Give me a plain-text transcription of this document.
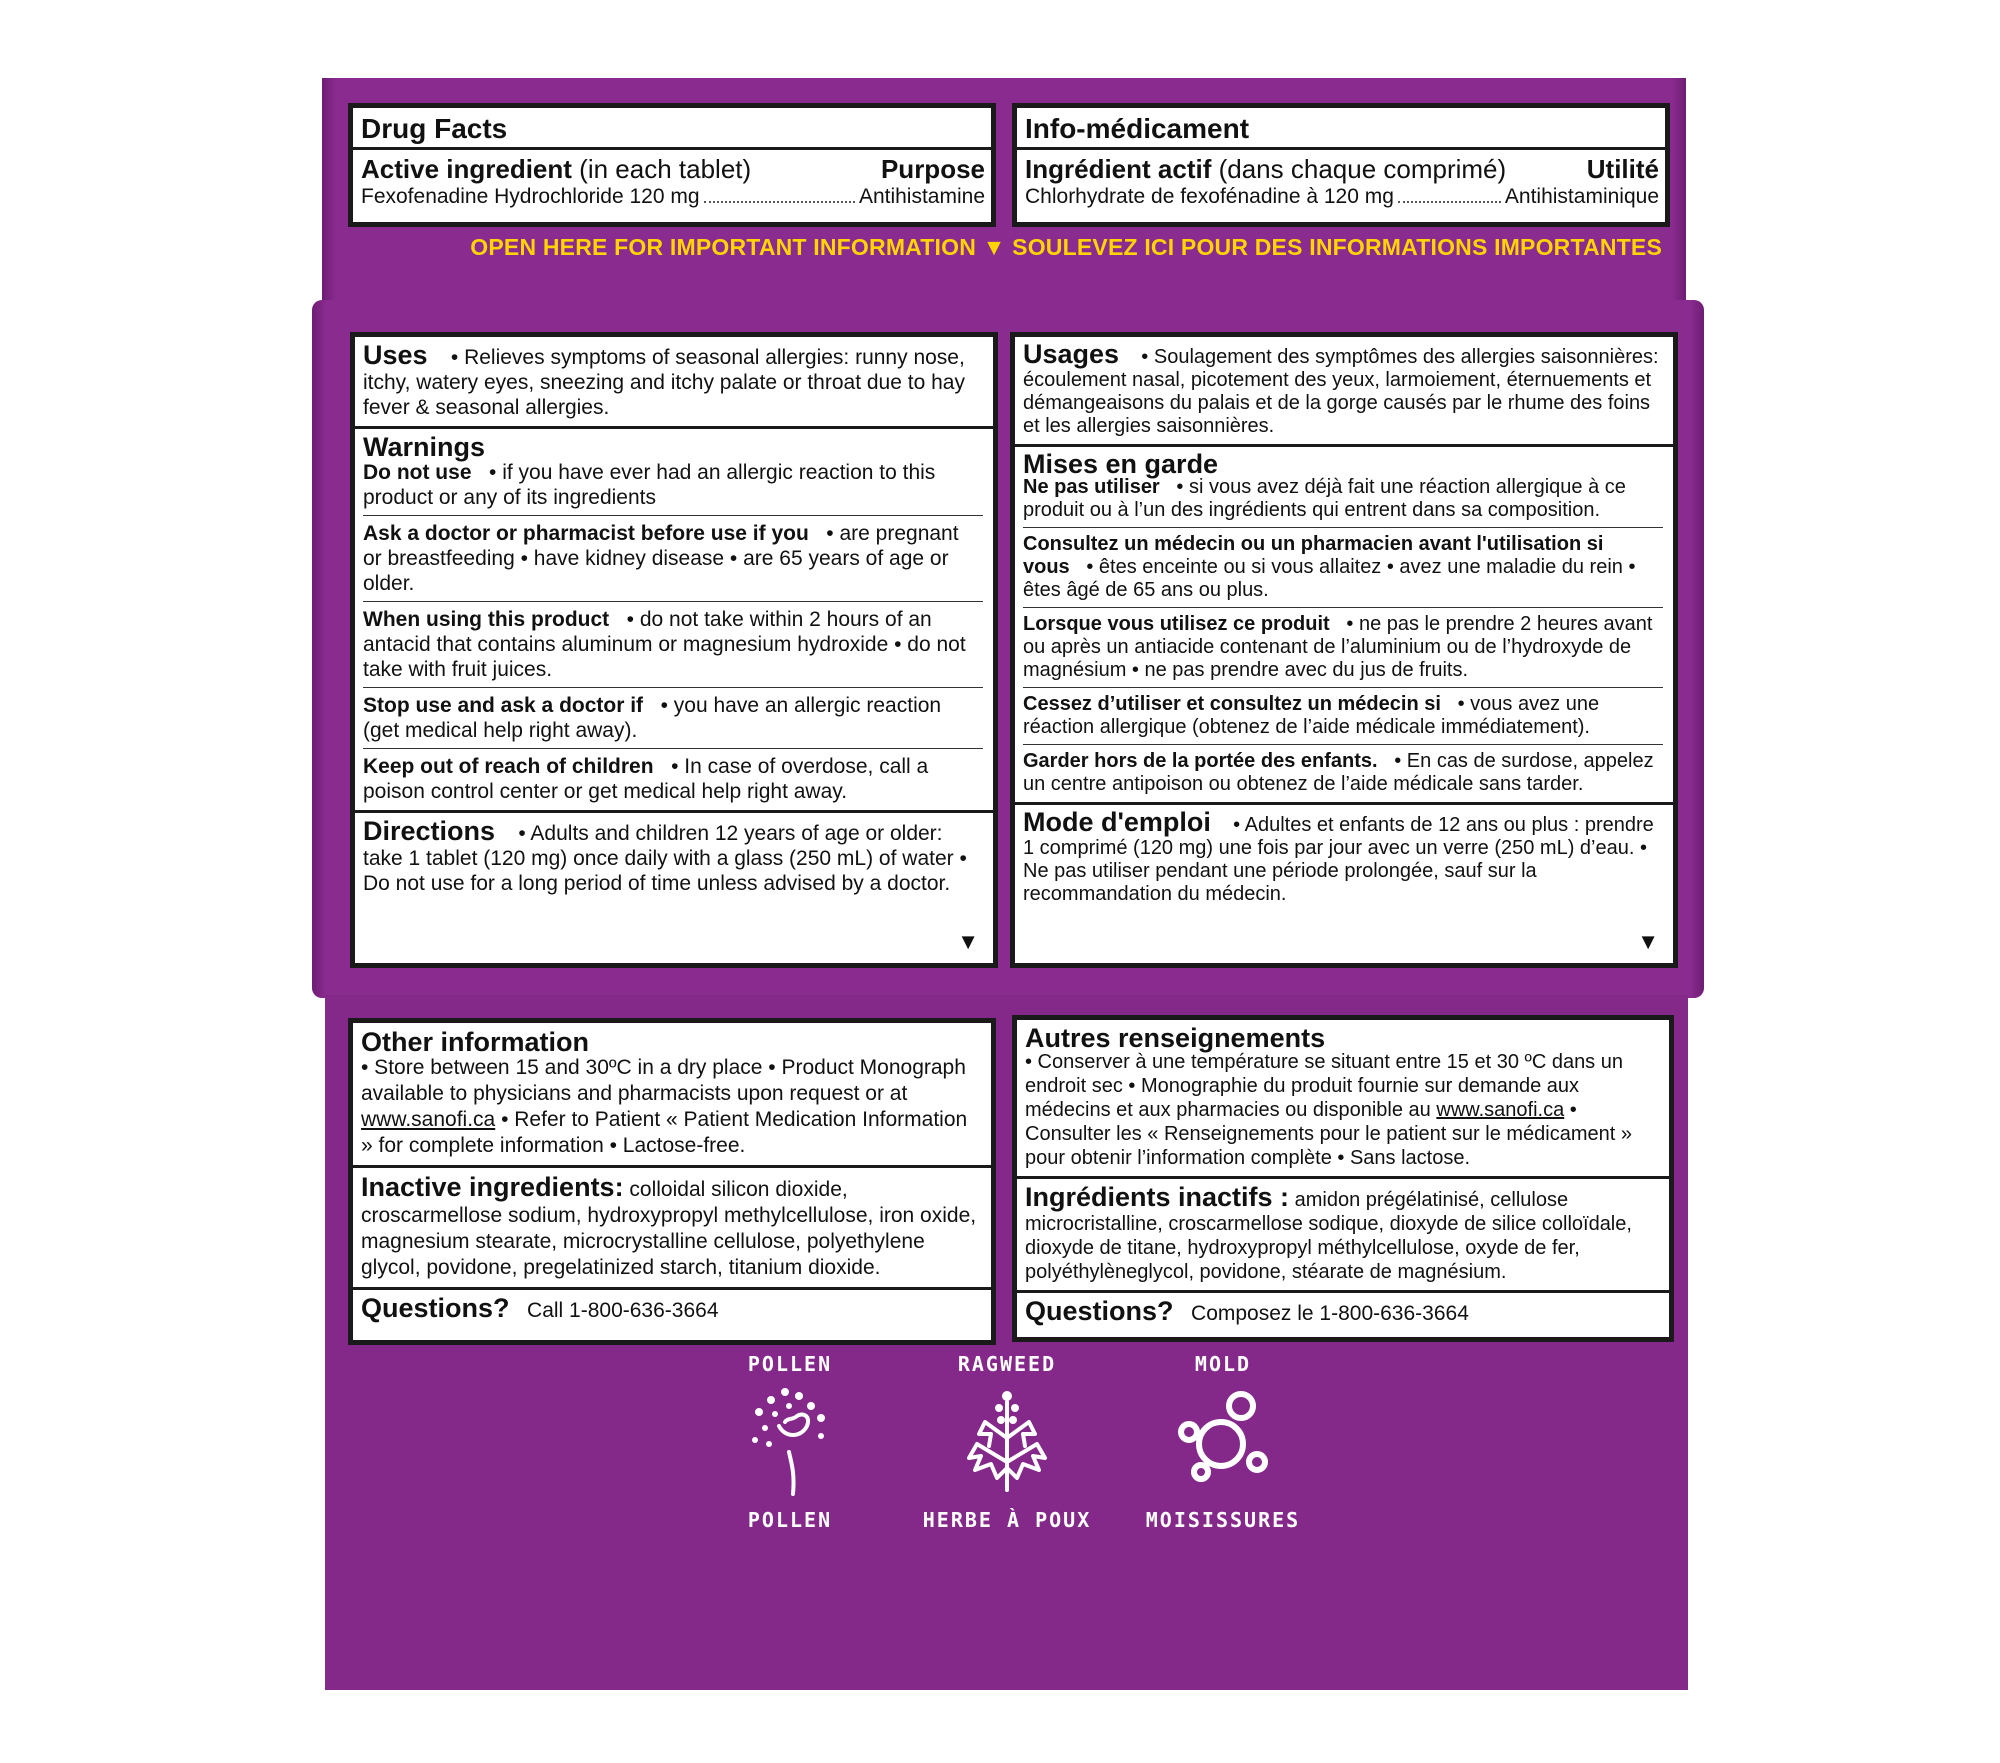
Drug Facts
Active ingredient (in each tablet)	Purpose
Fexofenadine Hydrochloride 120 mg	Antihistamine
Info-médicament
Ingrédient actif (dans chaque comprimé)	Utilité
Chlorhydrate de fexofénadine à 120 mg	Antihistaminique
OPEN HERE FOR IMPORTANT INFORMATION ▼ SOULEVEZ ICI POUR DES INFORMATIONS IMPORTANTES
Uses • Relieves symptoms of seasonal allergies: runny nose, itchy, watery eyes, sneezing and itchy palate or throat due to hay fever & seasonal allergies.
Warnings
Do not use • if you have ever had an allergic reaction to this product or any of its ingredients
Ask a doctor or pharmacist before use if you • are pregnant or breastfeeding • have kidney disease • are 65 years of age or older.
When using this product • do not take within 2 hours of an antacid that contains aluminum or magnesium hydroxide • do not take with fruit juices.
Stop use and ask a doctor if • you have an allergic reaction (get medical help right away).
Keep out of reach of children • In case of overdose, call a poison control center or get medical help right away.
Directions • Adults and children 12 years of age or older: take 1 tablet (120 mg) once daily with a glass (250 mL) of water • Do not use for a long period of time unless advised by a doctor.
▼
Usages • Soulagement des symptômes des allergies saisonnières: écoulement nasal, picotement des yeux, larmoiement, éternuements et démangeaisons du palais et de la gorge causés par le rhume des foins et les allergies saisonnières.
Mises en garde
Ne pas utiliser • si vous avez déjà fait une réaction allergique à ce produit ou à l’un des ingrédients qui entrent dans sa composition.
Consultez un médecin ou un pharmacien avant l'utilisation si vous • êtes enceinte ou si vous allaitez • avez une maladie du rein • êtes âgé de 65 ans ou plus.
Lorsque vous utilisez ce produit • ne pas le prendre 2 heures avant ou après un antiacide contenant de l’aluminium ou de l’hydroxyde de magnésium • ne pas prendre avec du jus de fruits.
Cessez d’utiliser et consultez un médecin si • vous avez une réaction allergique (obtenez de l’aide médicale immédiatement).
Garder hors de la portée des enfants. • En cas de surdose, appelez un centre antipoison ou obtenez de l’aide médicale sans tarder.
Mode d'emploi • Adultes et enfants de 12 ans ou plus : prendre 1 comprimé (120 mg) une fois par jour avec un verre (250 mL) d’eau. • Ne pas utiliser pendant une période prolongée, sauf sur la recommandation du médecin.
▼
Other information
• Store between 15 and 30ºC in a dry place • Product Monograph available to physicians and pharmacists upon request or at www.sanofi.ca • Refer to Patient « Patient Medication Information » for complete information • Lactose-free.
Inactive ingredients: colloidal silicon dioxide, croscarmellose sodium, hydroxypropyl methylcellulose, iron oxide, magnesium stearate, microcrystalline cellulose, polyethylene glycol, povidone, pregelatinized starch, titanium dioxide.
Questions? Call 1-800-636-3664
Autres renseignements
• Conserver à une température se situant entre 15 et 30 ºC dans un endroit sec • Monographie du produit fournie sur demande aux médecins et aux pharmacies ou disponible au www.sanofi.ca • Consulter les « Renseignements pour le patient sur le médicament » pour obtenir l’information complète • Sans lactose.
Ingrédients inactifs : amidon prégélatinisé, cellulose microcristalline, croscarmellose sodique, dioxyde de silice colloïdale, dioxyde de titane, hydroxypropyl méthylcellulose, oxyde de fer, polyéthylèneglycol, povidone, stéarate de magnésium.
Questions? Composez le 1-800-636-3664
POLLEN
POLLEN
RAGWEED
HERBE À POUX
MOLD
MOISISSURES
